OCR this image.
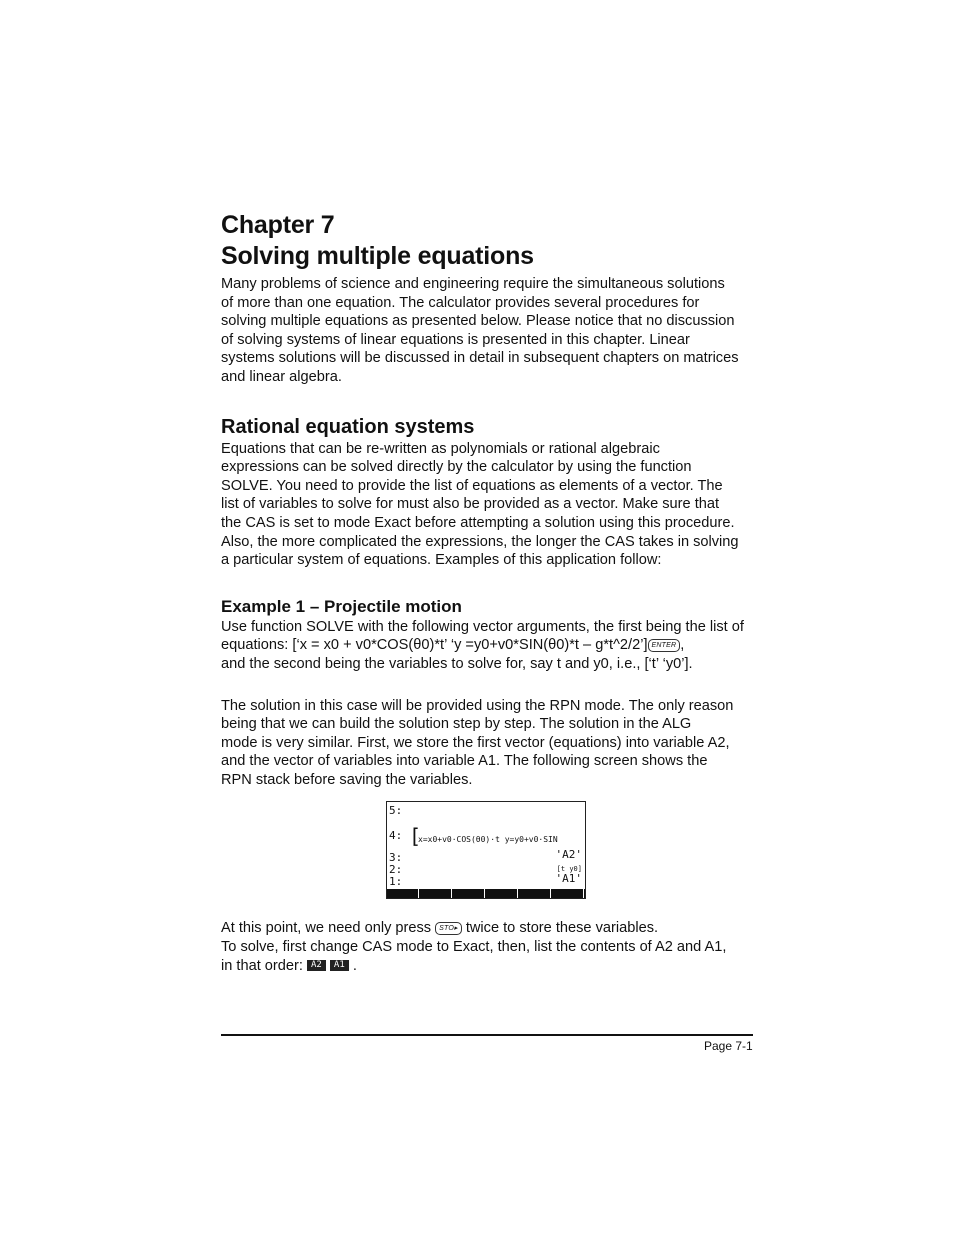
Chapter 7
Solving multiple equations

Many problems of science and engineering require the simultaneous solutions
of more than one equation. The calculator provides several procedures for
solving multiple equations as presented below. Please notice that no discussion
of solving systems of linear equations is presented in this chapter. Linear
systems solutions will be discussed in detail in subsequent chapters on matrices
and linear algebra.

Rational equation systems

Equations that can be re-written as polynomials or rational algebraic
expressions can be solved directly by the calculator by using the function
SOLVE. You need to provide the list of equations as elements of a vector. The
list of variables to solve for must also be provided as a vector. Make sure that
the CAS is set to mode Exact before attempting a solution using this procedure.
Also, the more complicated the expressions, the longer the CAS takes in solving
a particular system of equations. Examples of this application follow:

Example 1 – Projectile motion

Use function SOLVE with the following vector arguments, the first being the list of
equations: [‘x = x0 + v0*COS(θ0)*t’ ‘y =y0+v0*SIN(θ0)*t – g*t^2/2’] ENTER ,
and the second being the variables to solve for, say t and y0, i.e., [‘t’ ‘y0’].

The solution in this case will be provided using the RPN mode. The only reason
being that we can build the solution step by step. The solution in the ALG
mode is very similar. First, we store the first vector (equations) into variable A2,
and the vector of variables into variable A1. The following screen shows the
RPN stack before saving the variables.

At this point, we need only press STO▸ twice to store these variables.
To solve, first change CAS mode to Exact, then, list the contents of A2 and A1,
in that order: A2 A1 .

5:
4: [
x=x0+v0·COS(θ0)·t y=y0+v0·SIN
3:	'A2'
2:	[t y0]
1:	'A1'
Page 7-1
